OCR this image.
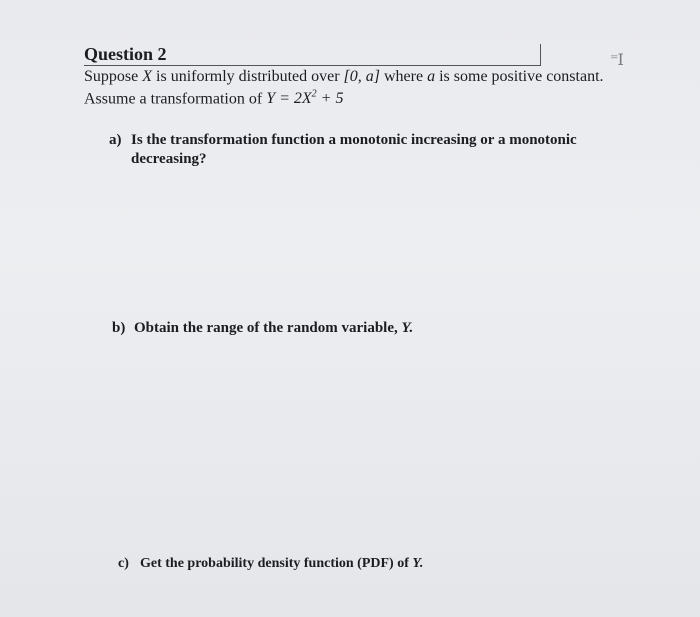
Question 2	⁼I
Suppose X is uniformly distributed over [0, a] where a is some positive constant.
Assume a transformation of $Y = 2X^2 + 5$
a) Is the transformation function a monotonic increasing or a monotonic
decreasing?
b) Obtain the range of the random variable, Y.
c) Get the probability density function (PDF) of Y.
